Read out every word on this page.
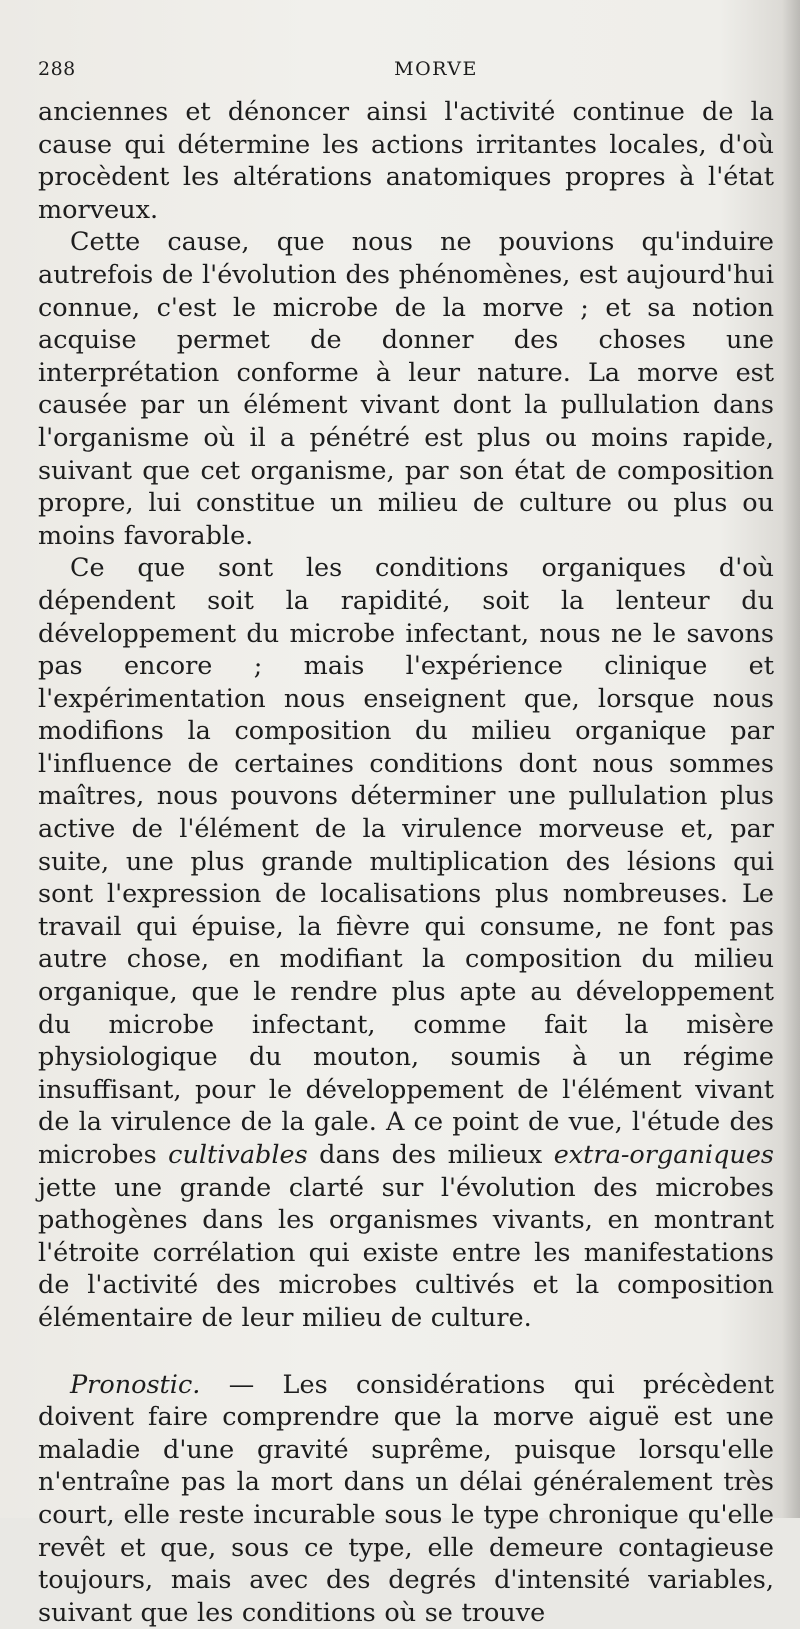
288	MORVE

anciennes et dénoncer ainsi l'activité continue de la cause qui détermine les actions irritantes locales, d'où procèdent les altérations anatomiques propres à l'état morveux.

Cette cause, que nous ne pouvions qu'induire autrefois de l'évolution des phénomènes, est aujourd'hui connue, c'est le microbe de la morve ; et sa notion acquise permet de donner des choses une interprétation conforme à leur nature. La morve est causée par un élément vivant dont la pullulation dans l'organisme où il a pénétré est plus ou moins rapide, suivant que cet organisme, par son état de composition propre, lui constitue un milieu de culture ou plus ou moins favorable.

Ce que sont les conditions organiques d'où dépendent soit la rapidité, soit la lenteur du développement du microbe infectant, nous ne le savons pas encore ; mais l'expérience clinique et l'expérimentation nous enseignent que, lorsque nous modifions la composition du milieu organique par l'influence de certaines conditions dont nous sommes maîtres, nous pouvons déterminer une pullulation plus active de l'élément de la virulence morveuse et, par suite, une plus grande multiplication des lésions qui sont l'expression de localisations plus nombreuses. Le travail qui épuise, la fièvre qui consume, ne font pas autre chose, en modifiant la composition du milieu organique, que le rendre plus apte au développement du microbe infectant, comme fait la misère physiologique du mouton, soumis à un régime insuffisant, pour le développement de l'élément vivant de la virulence de la gale. A ce point de vue, l'étude des microbes cultivables dans des milieux extra-organiques jette une grande clarté sur l'évolution des microbes pathogènes dans les organismes vivants, en montrant l'étroite corrélation qui existe entre les manifestations de l'activité des microbes cultivés et la composition élémentaire de leur milieu de culture.

Pronostic. — Les considérations qui précèdent doivent faire comprendre que la morve aiguë est une maladie d'une gravité suprême, puisque lorsqu'elle n'entraîne pas la mort dans un délai généralement très court, elle reste incurable sous le type chronique qu'elle revêt et que, sous ce type, elle demeure contagieuse toujours, mais avec des degrés d'intensité variables, suivant que les conditions où se trouve
